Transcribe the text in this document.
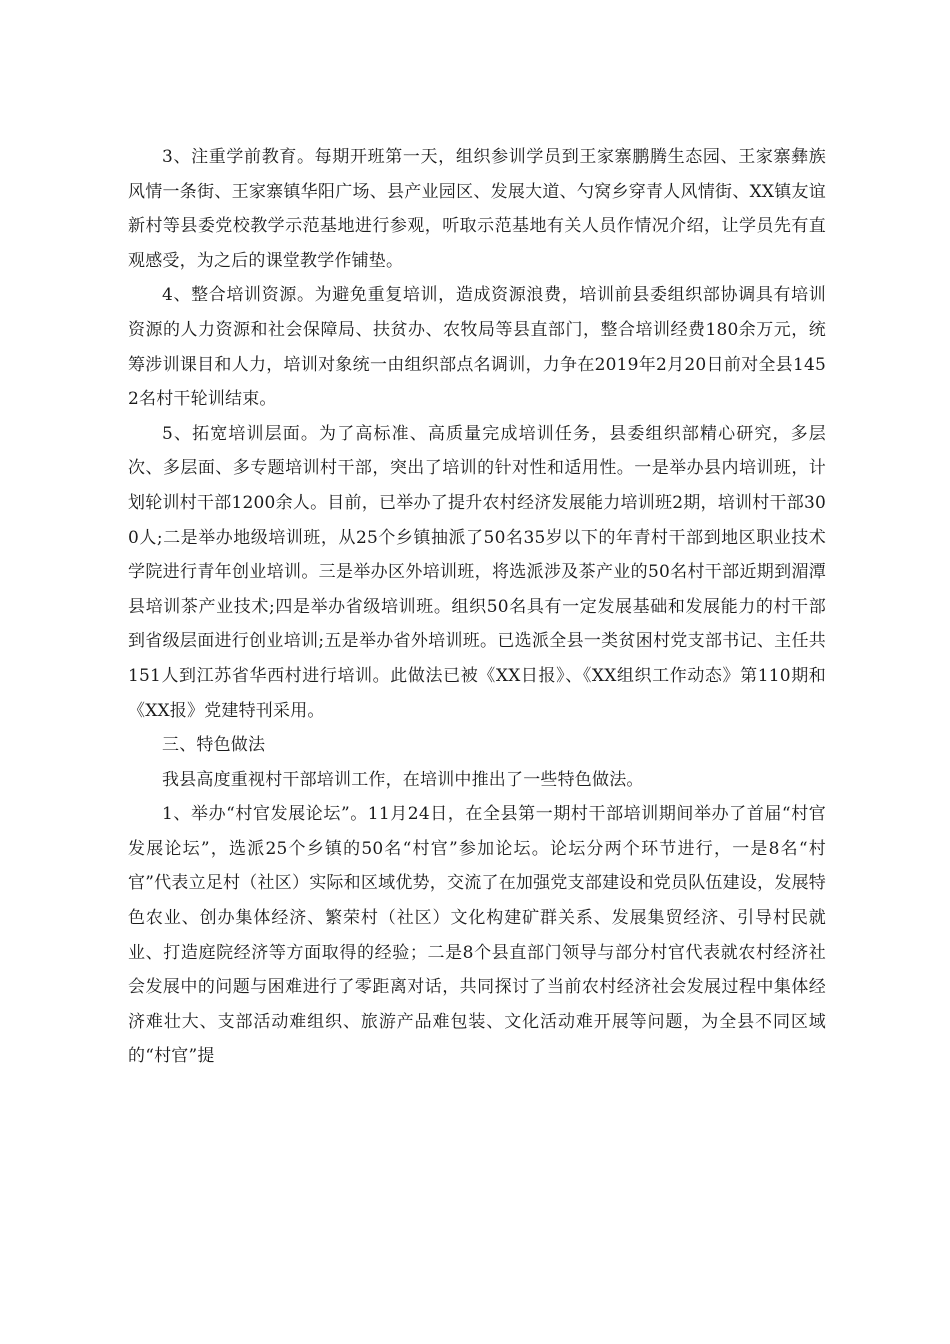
3、注重学前教育。每期开班第一天，组织参训学员到王家寨鹏腾生态园、王家寨彝族风情一条街、王家寨镇华阳广场、县产业园区、发展大道、勺窝乡穿青人风情街、XX镇友谊新村等县委党校教学示范基地进行参观，听取示范基地有关人员作情况介绍，让学员先有直观感受，为之后的课堂教学作铺垫。

4、整合培训资源。为避免重复培训，造成资源浪费，培训前县委组织部协调具有培训资源的人力资源和社会保障局、扶贫办、农牧局等县直部门，整合培训经费180余万元，统筹涉训课目和人力，培训对象统一由组织部点名调训，力争在2019年2月20日前对全县1452名村干轮训结束。

5、拓宽培训层面。为了高标准、高质量完成培训任务，县委组织部精心研究，多层次、多层面、多专题培训村干部，突出了培训的针对性和适用性。一是举办县内培训班，计划轮训村干部1200余人。目前，已举办了提升农村经济发展能力培训班2期，培训村干部300人;二是举办地级培训班，从25个乡镇抽派了50名35岁以下的年青村干部到地区职业技术学院进行青年创业培训。三是举办区外培训班，将选派涉及茶产业的50名村干部近期到湄潭县培训茶产业技术;四是举办省级培训班。组织50名具有一定发展基础和发展能力的村干部到省级层面进行创业培训;五是举办省外培训班。已选派全县一类贫困村党支部书记、主任共151人到江苏省华西村进行培训。此做法已被《XX日报》、《XX组织工作动态》第110期和《XX报》党建特刊采用。

三、特色做法

我县高度重视村干部培训工作，在培训中推出了一些特色做法。

1、举办“村官发展论坛”。11月24日，在全县第一期村干部培训期间举办了首届“村官发展论坛”，选派25个乡镇的50名“村官”参加论坛。论坛分两个环节进行，一是8名“村官”代表立足村（社区）实际和区域优势，交流了在加强党支部建设和党员队伍建设，发展特色农业、创办集体经济、繁荣村（社区）文化构建矿群关系、发展集贸经济、引导村民就业、打造庭院经济等方面取得的经验；二是8个县直部门领导与部分村官代表就农村经济社会发展中的问题与困难进行了零距离对话，共同探讨了当前农村经济社会发展过程中集体经济难壮大、支部活动难组织、旅游产品难包装、文化活动难开展等问题，为全县不同区域的“村官”提
